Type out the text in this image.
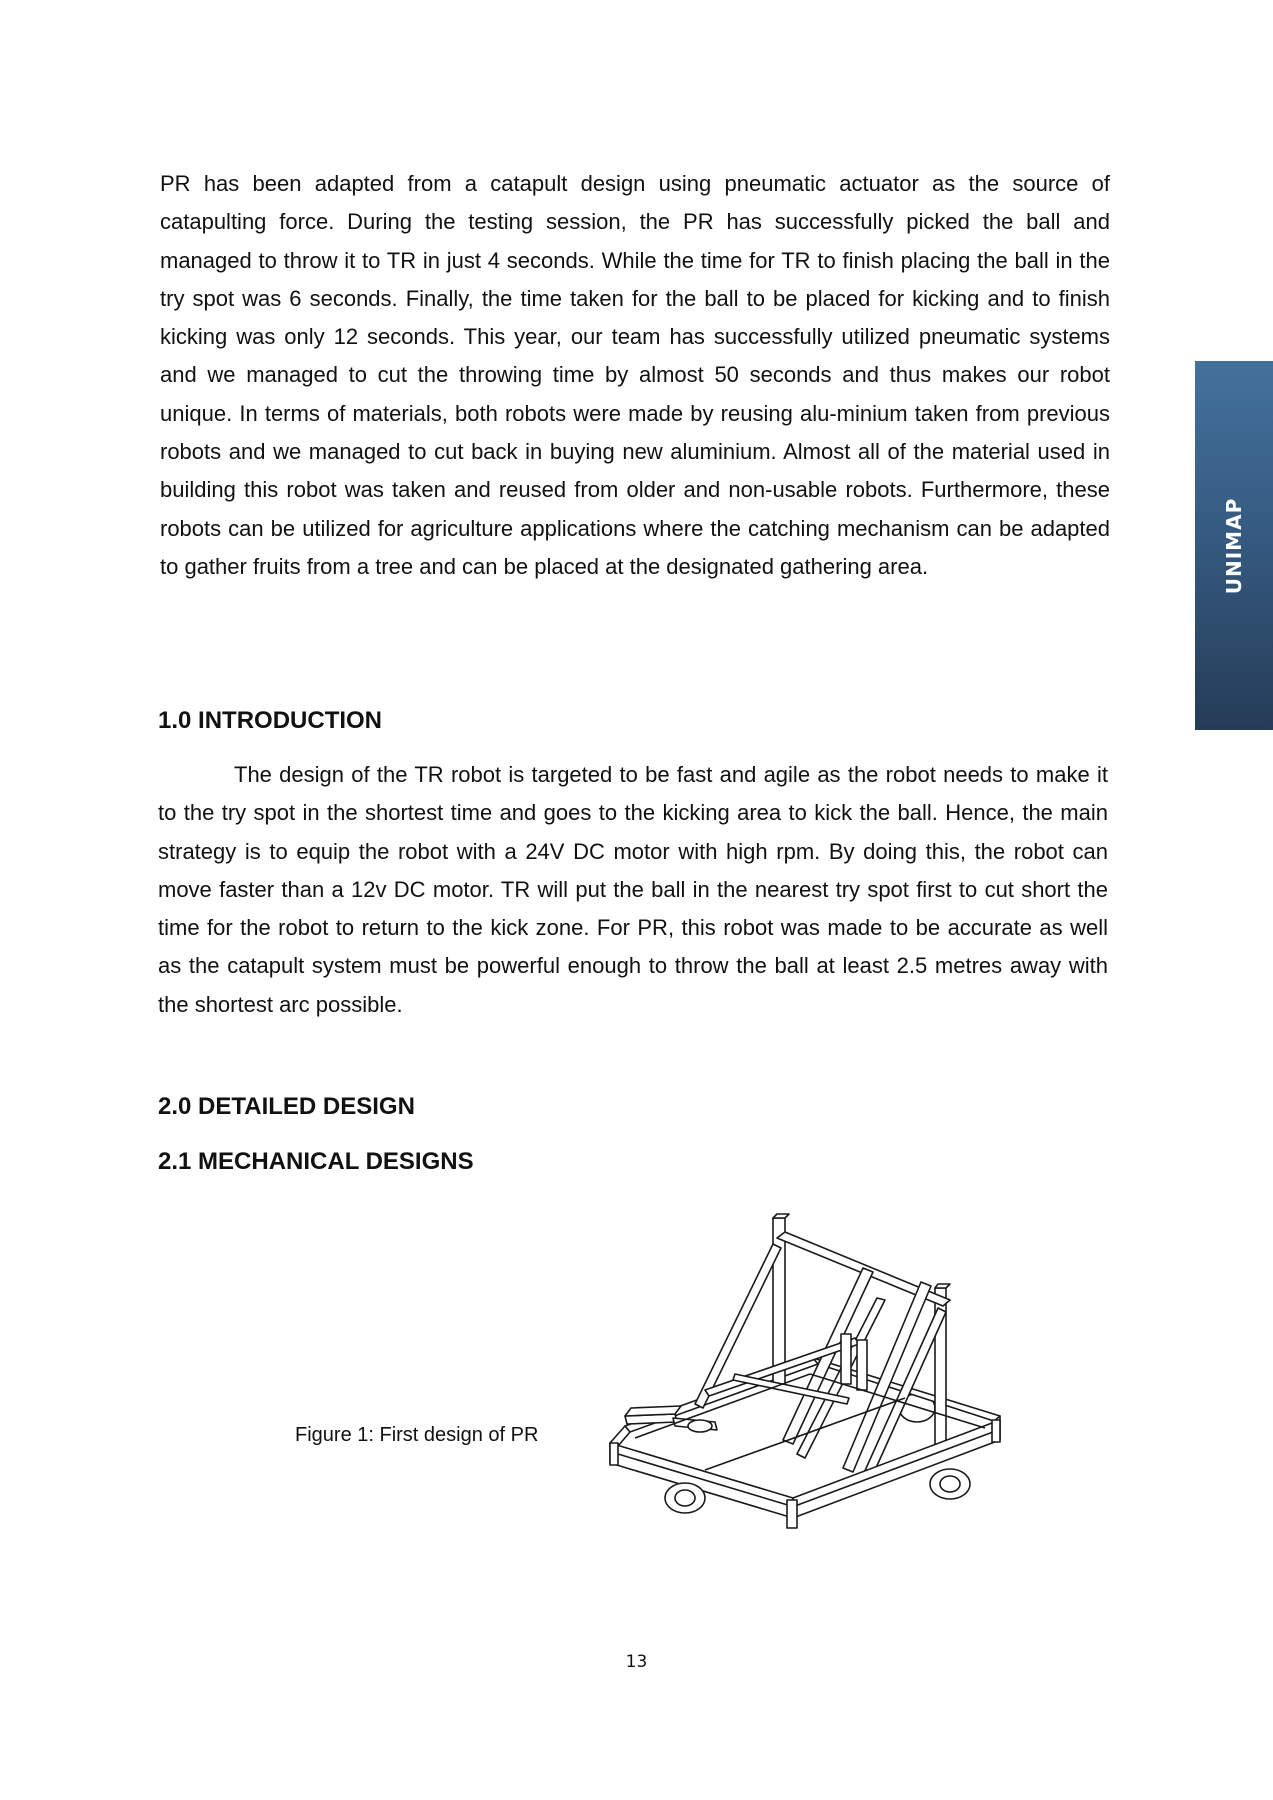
PR has been adapted from a catapult design using pneumatic actuator as the source of catapulting force. During the testing session, the PR has successfully picked the ball and managed to throw it to TR in just 4 seconds. While the time for TR to finish placing the ball in the try spot was 6 seconds. Finally, the time taken for the ball to be placed for kicking and to finish kicking was only 12 seconds. This year, our team has successfully utilized pneumatic systems and we managed to cut the throwing time by almost 50 seconds and thus makes our robot unique. In terms of materials, both robots were made by reusing alu-minium taken from previous robots and we managed to cut back in buying new aluminium. Almost all of the material used in building this robot was taken and reused from older and non-usable robots. Furthermore, these robots can be utilized for agriculture applications where the catching mechanism can be adapted to gather fruits from a tree and can be placed at the designated gathering area.	UNIMAP
1.0 INTRODUCTION

The design of the TR robot is targeted to be fast and agile as the robot needs to make it to the try spot in the shortest time and goes to the kicking area to kick the ball. Hence, the main strategy is to equip the robot with a 24V DC motor with high rpm. By doing this, the robot can move faster than a 12v DC motor. TR will put the ball in the nearest try spot first to cut short the time for the robot to return to the kick zone. For PR, this robot was made to be accurate as well as the catapult system must be powerful enough to throw the ball at least 2.5 metres away with the shortest arc possible.

2.0 DETAILED DESIGN
2.1 MECHANICAL DESIGNS

Figure 1: First design of PR

13
